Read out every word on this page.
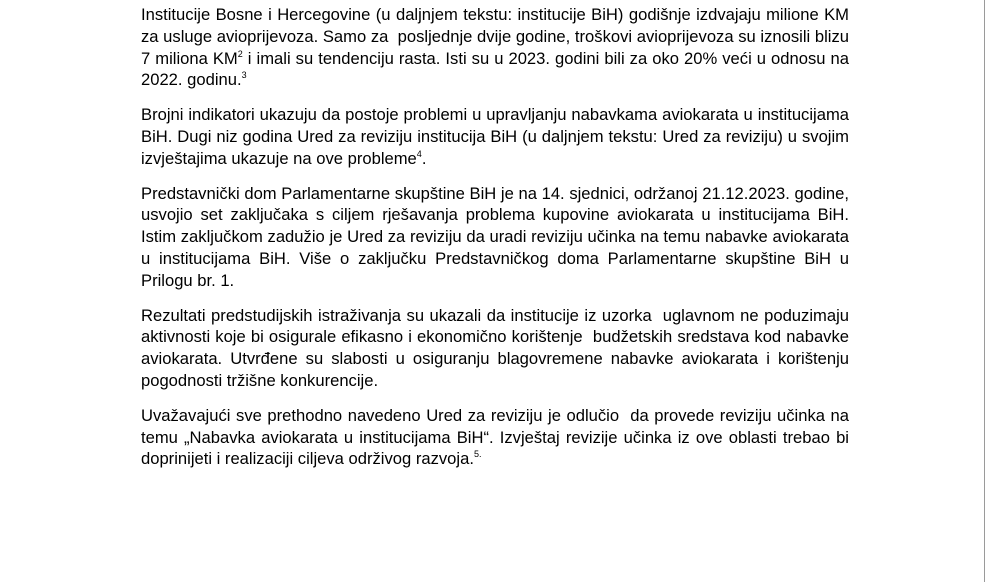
Institucije Bosne i Hercegovine (u daljnjem tekstu: institucije BiH) godišnje izdvajaju milione KM za usluge avioprijevoza. Samo za  posljednje dvije godine, troškovi avioprijevoza su iznosili blizu 7 miliona $KM^2$ i imali su tendenciju rasta. Isti su u 2023. godini bili za oko 20% veći u odnosu na 2022. godinu.$^3$

Brojni indikatori ukazuju da postoje problemi u upravljanju nabavkama aviokarata u institucijama BiH. Dugi niz godina Ured za reviziju institucija BiH (u daljnjem tekstu: Ured za reviziju) u svojim izvještajima ukazuje na ove probleme$^4$.

Predstavnički dom Parlamentarne skupštine BiH je na 14. sjednici, održanoj 21.12.2023. godine, usvojio set zaključaka s ciljem rješavanja problema kupovine aviokarata u institucijama BiH. Istim zaključkom zadužio je Ured za reviziju da uradi reviziju učinka na temu nabavke aviokarata u institucijama BiH. Više o zaključku Predstavničkog doma Parlamentarne skupštine BiH u Prilogu br. 1.

Rezultati predstudijskih istraživanja su ukazali da institucije iz uzorka  uglavnom ne poduzimaju aktivnosti koje bi osigurale efikasno i ekonomično korištenje  budžetskih sredstava kod nabavke aviokarata. Utvrđene su slabosti u osiguranju blagovremene nabavke aviokarata i korištenju pogodnosti tržišne konkurencije.

Uvažavajući sve prethodno navedeno Ured za reviziju je odlučio  da provede reviziju učinka na temu „Nabavka aviokarata u institucijama BiH“. Izvještaj revizije učinka iz ove oblasti trebao bi doprinijeti i realizaciji ciljeva održivog razvoja.$^{5.}$
